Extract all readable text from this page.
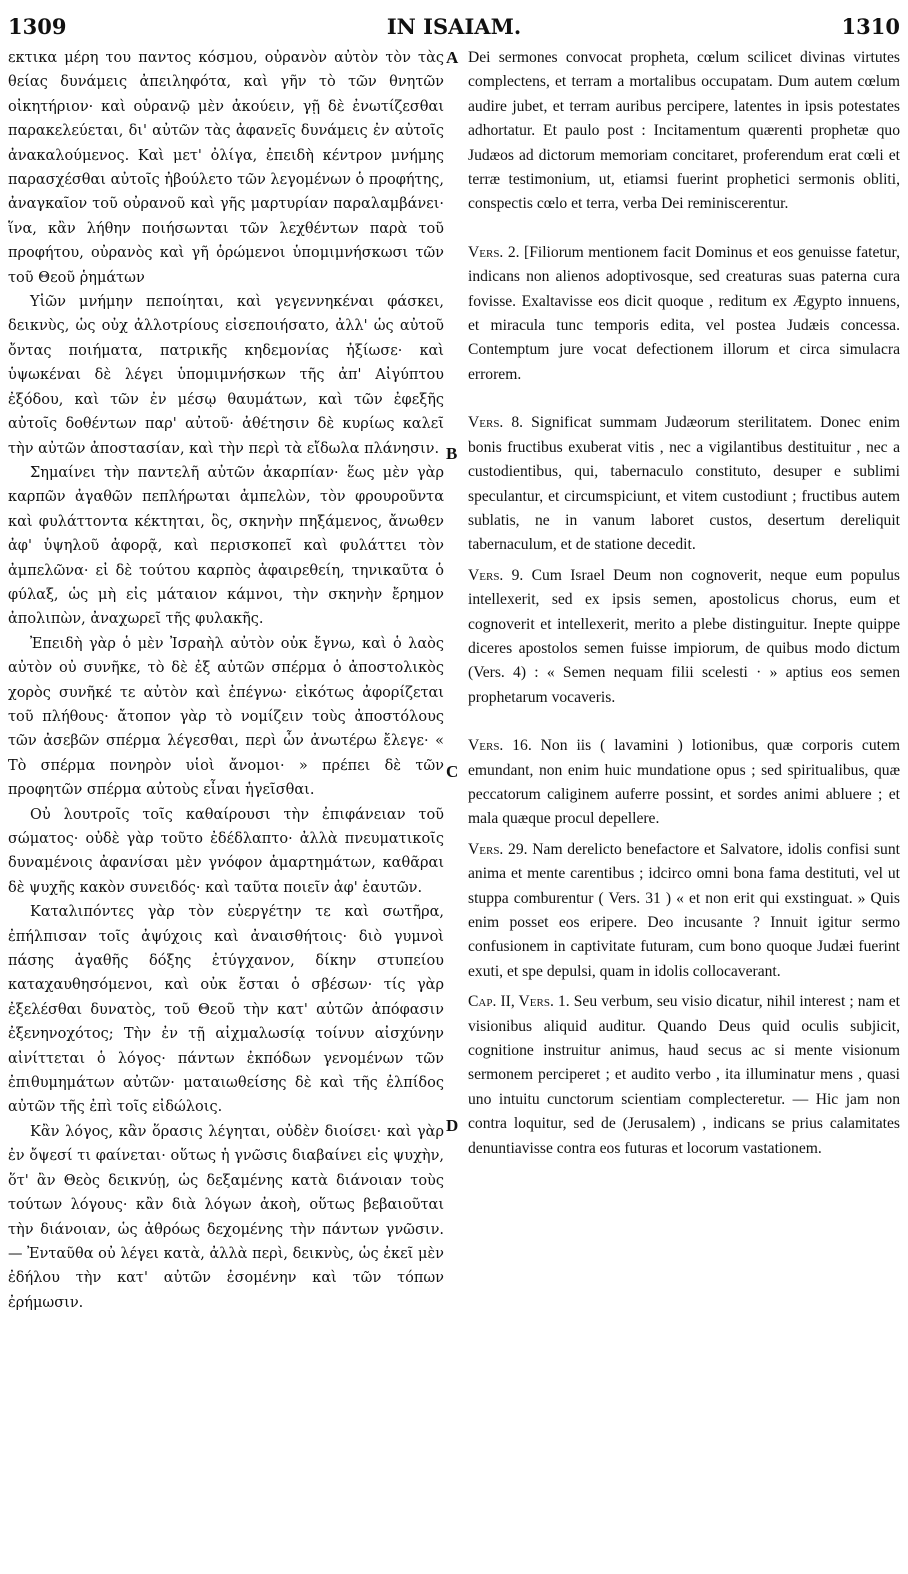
1309	IN ISAIAM.	1310

εκτικα μέρη του παντος κόσμου, οὐρανὸν αὐτὸν τὸν τὰς θείας δυνάμεις ἀπειληφότα, καὶ γῆν τὸ τῶν θνητῶν οἰκητήριον· καὶ οὐρανῷ μὲν ἀκούειν, γῇ δὲ ἐνωτίζεσθαι παρακελεύεται, δι' αὐτῶν τὰς ἀφανεῖς δυνάμεις ἐν αὐτοῖς ἀνακαλούμενος. Καὶ μετ' ὀλίγα, ἐπειδὴ κέντρον μνήμης παρασχέσθαι αὐτοῖς ἠβούλετο τῶν λεγομένων ὁ προφήτης, ἀναγκαῖον τοῦ οὐρανοῦ καὶ γῆς μαρτυρίαν παραλαμβάνει· ἵνα, κἂν λήθην ποιήσωνται τῶν λεχθέντων παρὰ τοῦ προφήτου, οὐρανὸς καὶ γῆ ὁρώμενοι ὑπομιμνήσκωσι τῶν τοῦ Θεοῦ ῥημάτων

Υἱῶν μνήμην πεποίηται, καὶ γεγεννηκέναι φάσκει, δεικνὺς, ὡς οὐχ ἀλλοτρίους εἰσεποιήσατο, ἀλλ' ὡς αὐτοῦ ὄντας ποιήματα, πατρικῆς κηδεμονίας ἠξίωσε· καὶ ὑψωκέναι δὲ λέγει ὑπομιμνήσκων τῆς ἀπ' Αἰγύπτου ἐξόδου, καὶ τῶν ἐν μέσῳ θαυμάτων, καὶ τῶν ἐφεξῆς αὐτοῖς δοθέντων παρ' αὐτοῦ· ἀθέτησιν δὲ κυρίως καλεῖ τὴν αὐτῶν ἀποστασίαν, καὶ τὴν περὶ τὰ εἴδωλα πλάνησιν.

Σημαίνει τὴν παντελῆ αὐτῶν ἀκαρπίαν· ἕως μὲν γὰρ καρπῶν ἀγαθῶν πεπλήρωται ἀμπελὼν, τὸν φρουροῦντα καὶ φυλάττοντα κέκτηται, ὃς, σκηνὴν πηξάμενος, ἄνωθεν ἀφ' ὑψηλοῦ ἀφορᾷ, καὶ περισκοπεῖ καὶ φυλάττει τὸν ἀμπελῶνα· εἰ δὲ τούτου καρπὸς ἀφαιρεθείη, τηνικαῦτα ὁ φύλαξ, ὡς μὴ εἰς μάταιον κάμνοι, τὴν σκηνὴν ἔρημον ἀπολιπὼν, ἀναχωρεῖ τῆς φυλακῆς.

Ἐπειδὴ γὰρ ὁ μὲν Ἰσραὴλ αὐτὸν οὐκ ἔγνω, καὶ ὁ λαὸς αὐτὸν οὐ συνῆκε, τὸ δὲ ἐξ αὐτῶν σπέρμα ὁ ἀποστολικὸς χορὸς συνῆκέ τε αὐτὸν καὶ ἐπέγνω· εἰκότως ἀφορίζεται τοῦ πλήθους· ἄτοπον γὰρ τὸ νομίζειν τοὺς ἀποστόλους τῶν ἀσεβῶν σπέρμα λέγεσθαι, περὶ ὧν ἀνωτέρω ἔλεγε· « Τὸ σπέρμα πονηρὸν υἱοὶ ἄνομοι· » πρέπει δὲ τῶν προφητῶν σπέρμα αὐτοὺς εἶναι ἡγεῖσθαι.

Οὐ λουτροῖς τοῖς καθαίρουσι τὴν ἐπιφάνειαν τοῦ σώματος· οὐδὲ γὰρ τοῦτο ἐδέδλαπτο· ἀλλὰ πνευματικοῖς δυναμένοις ἀφανίσαι μὲν γνόφον ἁμαρτημάτων, καθᾶραι δὲ ψυχῆς κακὸν συνειδός· καὶ ταῦτα ποιεῖν ἀφ' ἑαυτῶν.

Καταλιπόντες γὰρ τὸν εὐεργέτην τε καὶ σωτῆρα, ἐπήλπισαν τοῖς ἀψύχοις καὶ ἀναισθήτοις· διὸ γυμνοὶ πάσης ἀγαθῆς δόξης ἐτύγχανον, δίκην στυπείου καταχαυθησόμενοι, καὶ οὐκ ἔσται ὁ σβέσων· τίς γὰρ ἐξελέσθαι δυνατὸς, τοῦ Θεοῦ τὴν κατ' αὐτῶν ἀπόφασιν ἐξενηνοχότος; Τὴν ἐν τῇ αἰχμαλωσίᾳ τοίνυν αἰσχύνην αἰνίττεται ὁ λόγος· πάντων ἐκπόδων γενομένων τῶν ἐπιθυμημάτων αὐτῶν· ματαιωθείσης δὲ καὶ τῆς ἐλπίδος αὐτῶν τῆς ἐπὶ τοῖς εἰδώλοις.

Κἂν λόγος, κἂν ὅρασις λέγηται, οὐδὲν διοίσει· καὶ γὰρ ἐν ὄψεσί τι φαίνεται· οὕτως ἡ γνῶσις διαβαίνει εἰς ψυχὴν, ὅτ' ἂν Θεὸς δεικνύῃ, ὡς δεξαμένης κατὰ διάνοιαν τοὺς τούτων λόγους· κἂν διὰ λόγων ἀκοὴ, οὕτως βεβαιοῦται τὴν διάνοιαν, ὡς ἀθρόως δεχομένης τὴν πάντων γνῶσιν. — Ἐνταῦθα οὐ λέγει κατὰ, ἀλλὰ περὶ, δεικνὺς, ὡς ἐκεῖ μὲν ἐδήλου τὴν κατ' αὐτῶν ἐσομένην καὶ τῶν τόπων ἐρήμωσιν.

A
B
C
D

Dei sermones convocat propheta, cœlum scilicet divinas virtutes complectens, et terram a mortalibus occupatam. Dum autem cœlum audire jubet, et terram auribus percipere, latentes in ipsis potestates adhortatur. Et paulo post : Incitamentum quærenti prophetæ quo Judæos ad dictorum memoriam concitaret, proferendum erat cœli et terræ testimonium, ut, etiamsi fuerint prophetici sermonis obliti, conspectis cœlo et terra, verba Dei reminiscerentur.

Vers. 2. [Filiorum mentionem facit Dominus et eos genuisse fatetur, indicans non alienos adoptivosque, sed creaturas suas paterna cura fovisse. Exaltavisse eos dicit quoque , reditum ex Ægypto innuens, et miracula tunc temporis edita, vel postea Judæis concessa. Contemptum jure vocat defectionem illorum et circa simulacra errorem.

Vers. 8. Significat summam Judæorum sterilitatem. Donec enim bonis fructibus exuberat vitis , nec a vigilantibus destituitur , nec a custodientibus, qui, tabernaculo constituto, desuper e sublimi speculantur, et circumspiciunt, et vitem custodiunt ; fructibus autem sublatis, ne in vanum laboret custos, desertum dereliquit tabernaculum, et de statione decedit.

Vers. 9. Cum Israel Deum non cognoverit, neque eum populus intellexerit, sed ex ipsis semen, apostolicus chorus, eum et cognoverit et intellexerit, merito a plebe distinguitur. Inepte quippe diceres apostolos semen fuisse impiorum, de quibus modo dictum (Vers. 4) : « Semen nequam filii scelesti · » aptius eos semen prophetarum vocaveris.

Vers. 16. Non iis ( lavamini ) lotionibus, quæ corporis cutem emundant, non enim huic mundatione opus ; sed spiritualibus, quæ peccatorum caliginem auferre possint, et sordes animi abluere ; et mala quæque procul depellere.

Vers. 29. Nam derelicto benefactore et Salvatore, idolis confisi sunt anima et mente carentibus ; idcirco omni bona fama destituti, vel ut stuppa comburentur ( Vers. 31 ) « et non erit qui exstinguat. » Quis enim posset eos eripere. Deo incusante ? Innuit igitur sermo confusionem in captivitate futuram, cum bono quoque Judæi fuerint exuti, et spe depulsi, quam in idolis collocaverant.

Cap. II, Vers. 1. Seu verbum, seu visio dicatur, nihil interest ; nam et visionibus aliquid auditur. Quando Deus quid oculis subjicit, cognitione instruitur animus, haud secus ac si mente visionum sermonem perciperet ; et audito verbo , ita illuminatur mens , quasi uno intuitu cunctorum scientiam complecteretur. — Hic jam non contra loquitur, sed de (Jerusalem) , indicans se prius calamitates denuntiavisse contra eos futuras et locorum vastationem.
